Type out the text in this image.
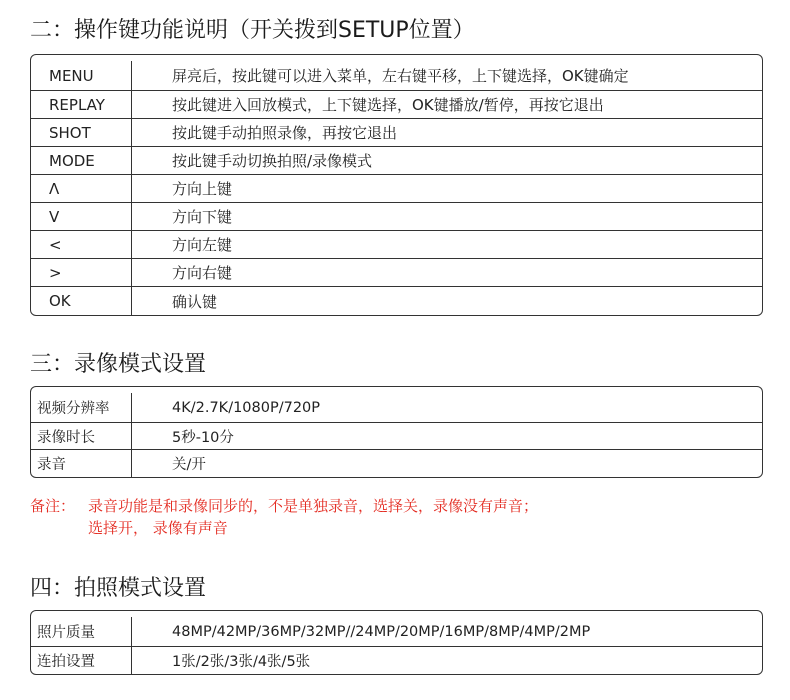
二：操作键功能说明（开关拨到SETUP位置）
MENU	屏亮后，按此键可以进入菜单，左右键平移，上下键选择，OK键确定
REPLAY	按此键进入回放模式，上下键选择，OK键播放/暂停，再按它退出
SHOT	按此键手动拍照录像，再按它退出
MODE	按此键手动切换拍照/录像模式
Λ	方向上键
V	方向下键
<	方向左键
>	方向右键
OK	确认键
三：录像模式设置
视频分辨率	4K/2.7K/1080P/720P
录像时长	5秒-10分
录音	关/开
备注： 录音功能是和录像同步的，不是单独录音，选择关，录像没有声音；
选择开， 录像有声音
四：拍照模式设置
照片质量	48MP/42MP/36MP/32MP//24MP/20MP/16MP/8MP/4MP/2MP
连拍设置	1张/2张/3张/4张/5张
